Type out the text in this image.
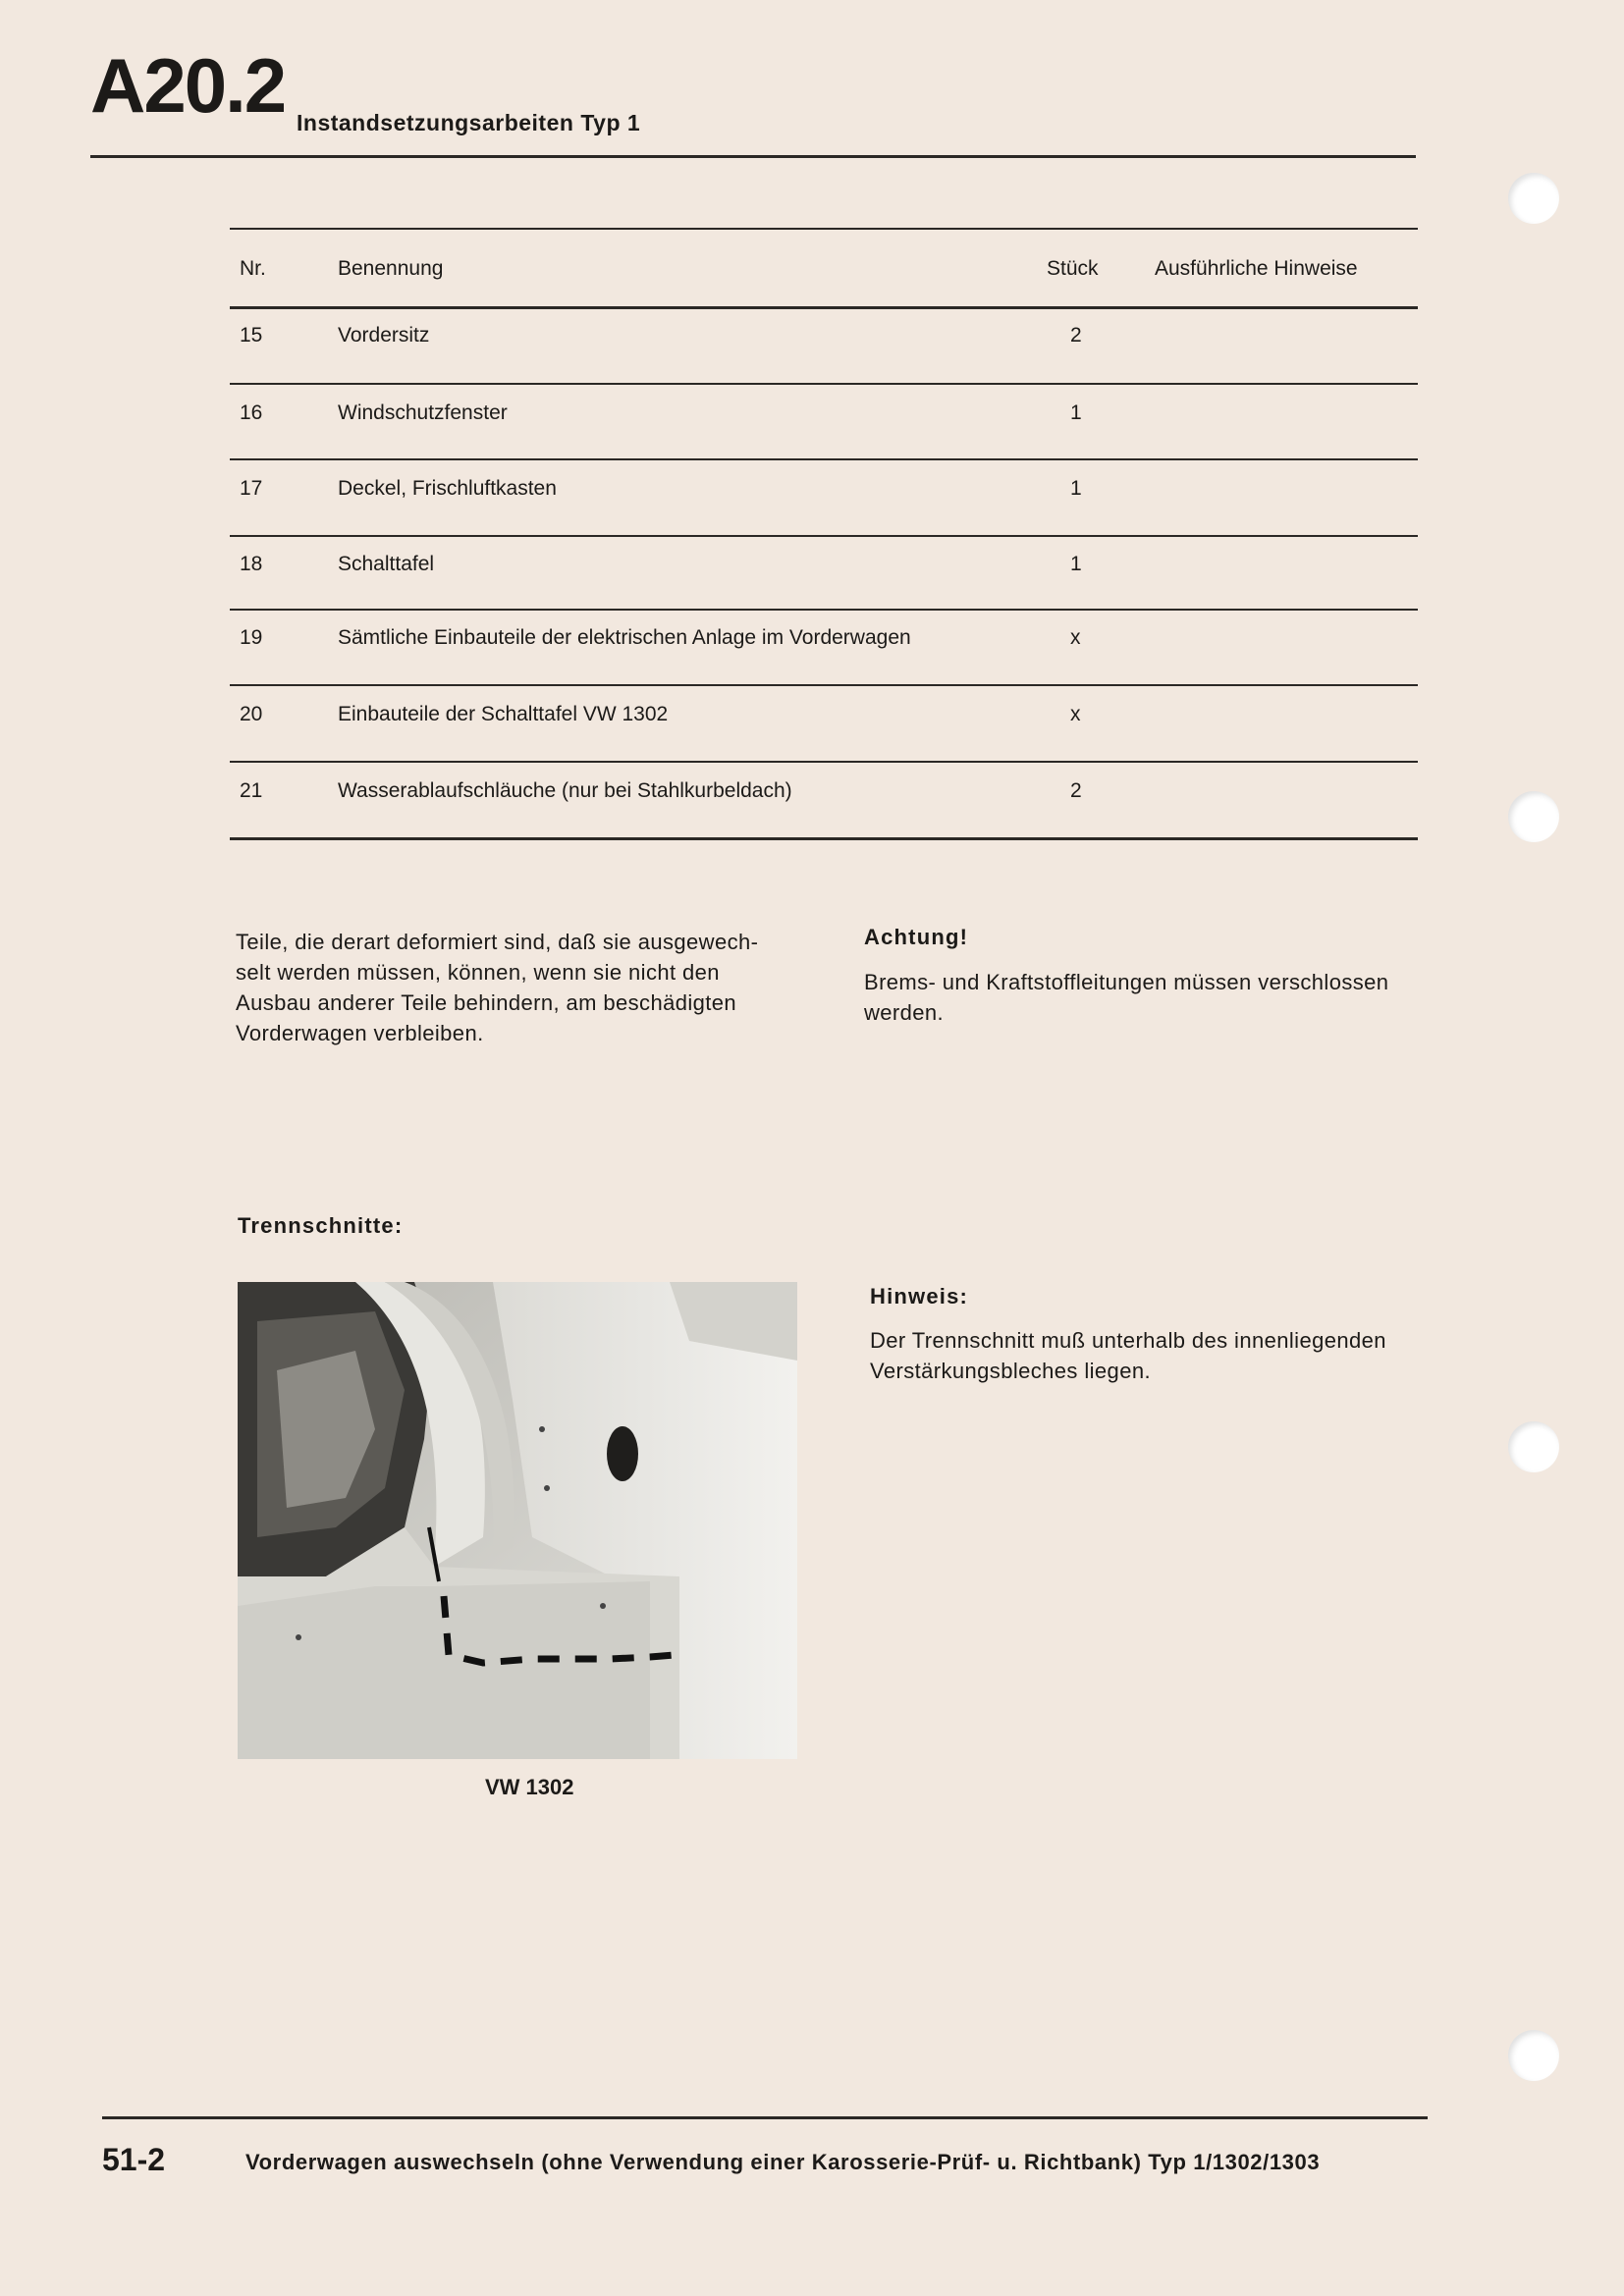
A20.2 Instandsetzungsarbeiten Typ 1
Nr.	Benennung	Stück	Ausführliche Hinweise
15	Vordersitz	2
16	Windschutzfenster	1
17	Deckel, Frischluftkasten	1
18	Schalttafel	1
19	Sämtliche Einbauteile der elektrischen Anlage im Vorderwagen	x
20	Einbauteile der Schalttafel VW 1302	x
21	Wasserablaufschläuche (nur bei Stahlkurbeldach)	2
Teile, die derart deformiert sind, daß sie ausgewech-
selt werden müssen, können, wenn sie nicht den
Ausbau anderer Teile behindern, am beschädigten
Vorderwagen verbleiben.
Achtung!
Brems- und Kraftstoffleitungen müssen verschlossen
werden.
Trennschnitte:
VW 1302
Hinweis:
Der Trennschnitt muß unterhalb des innenliegenden
Verstärkungsbleches liegen.
51-2	Vorderwagen auswechseln (ohne Verwendung einer Karosserie-Prüf- u. Richtbank) Typ 1/1302/1303
